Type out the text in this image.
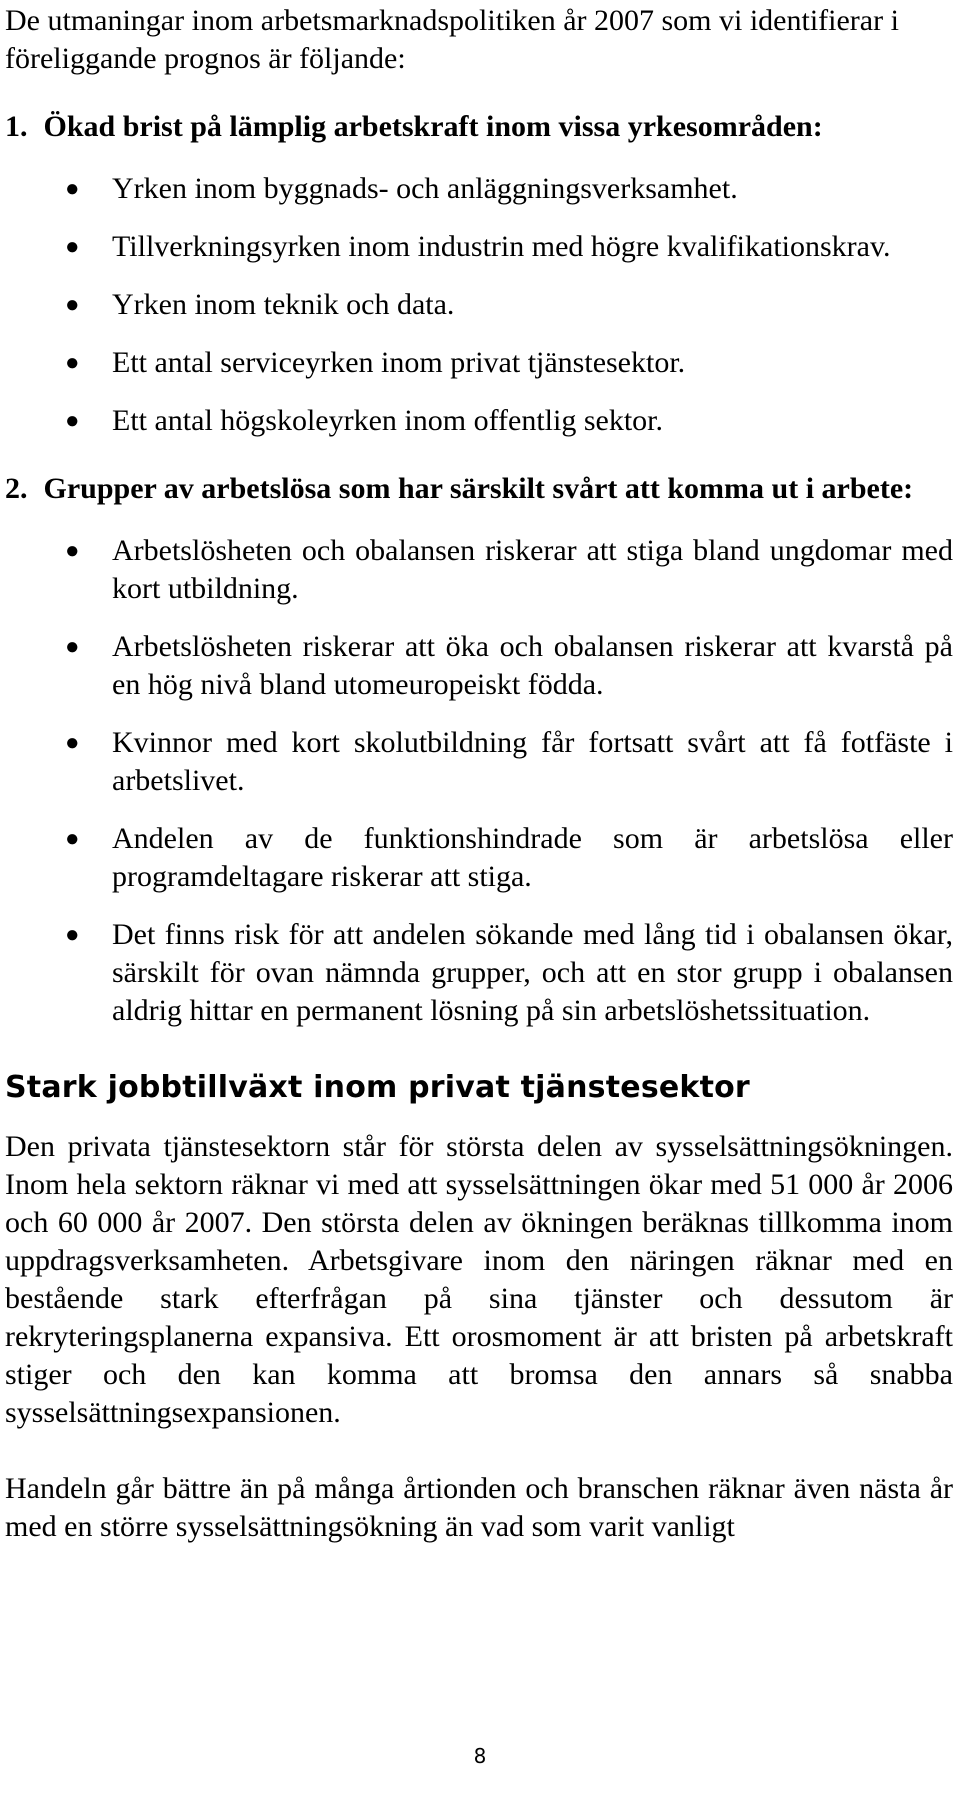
De utmaningar inom arbetsmarknadspolitiken år 2007 som vi identifierar i föreliggande prognos är följande:

1. Ökad brist på lämplig arbetskraft inom vissa yrkesområden:

● Yrken inom byggnads- och anläggningsverksamhet.
● Tillverkningsyrken inom industrin med högre kvalifikationskrav.
● Yrken inom teknik och data.
● Ett antal serviceyrken inom privat tjänstesektor.
● Ett antal högskoleyrken inom offentlig sektor.

2. Grupper av arbetslösa som har särskilt svårt att komma ut i arbete:

● Arbetslösheten och obalansen riskerar att stiga bland ungdomar med kort utbildning.
● Arbetslösheten riskerar att öka och obalansen riskerar att kvarstå på en hög nivå bland utomeuropeiskt födda.
● Kvinnor med kort skolutbildning får fortsatt svårt att få fotfäste i arbetslivet.
● Andelen av de funktionshindrade som är arbetslösa eller programdeltagare riskerar att stiga.
● Det finns risk för att andelen sökande med lång tid i obalansen ökar, särskilt för ovan nämnda grupper, och att en stor grupp i obalansen aldrig hittar en permanent lösning på sin arbetslöshetssituation.
Stark jobbtillväxt inom privat tjänstesektor

Den privata tjänstesektorn står för största delen av sysselsättningsökningen. Inom hela sektorn räknar vi med att sysselsättningen ökar med 51 000 år 2006 och 60 000 år 2007. Den största delen av ökningen beräknas tillkomma inom uppdragsverksamheten. Arbetsgivare inom den näringen räknar med en bestående stark efterfrågan på sina tjänster och dessutom är rekryteringsplanerna expansiva. Ett orosmoment är att bristen på arbetskraft stiger och den kan komma att bromsa den annars så snabba sysselsättningsexpansionen.

Handeln går bättre än på många årtionden och branschen räknar även nästa år med en större sysselsättningsökning än vad som varit vanligt

8
